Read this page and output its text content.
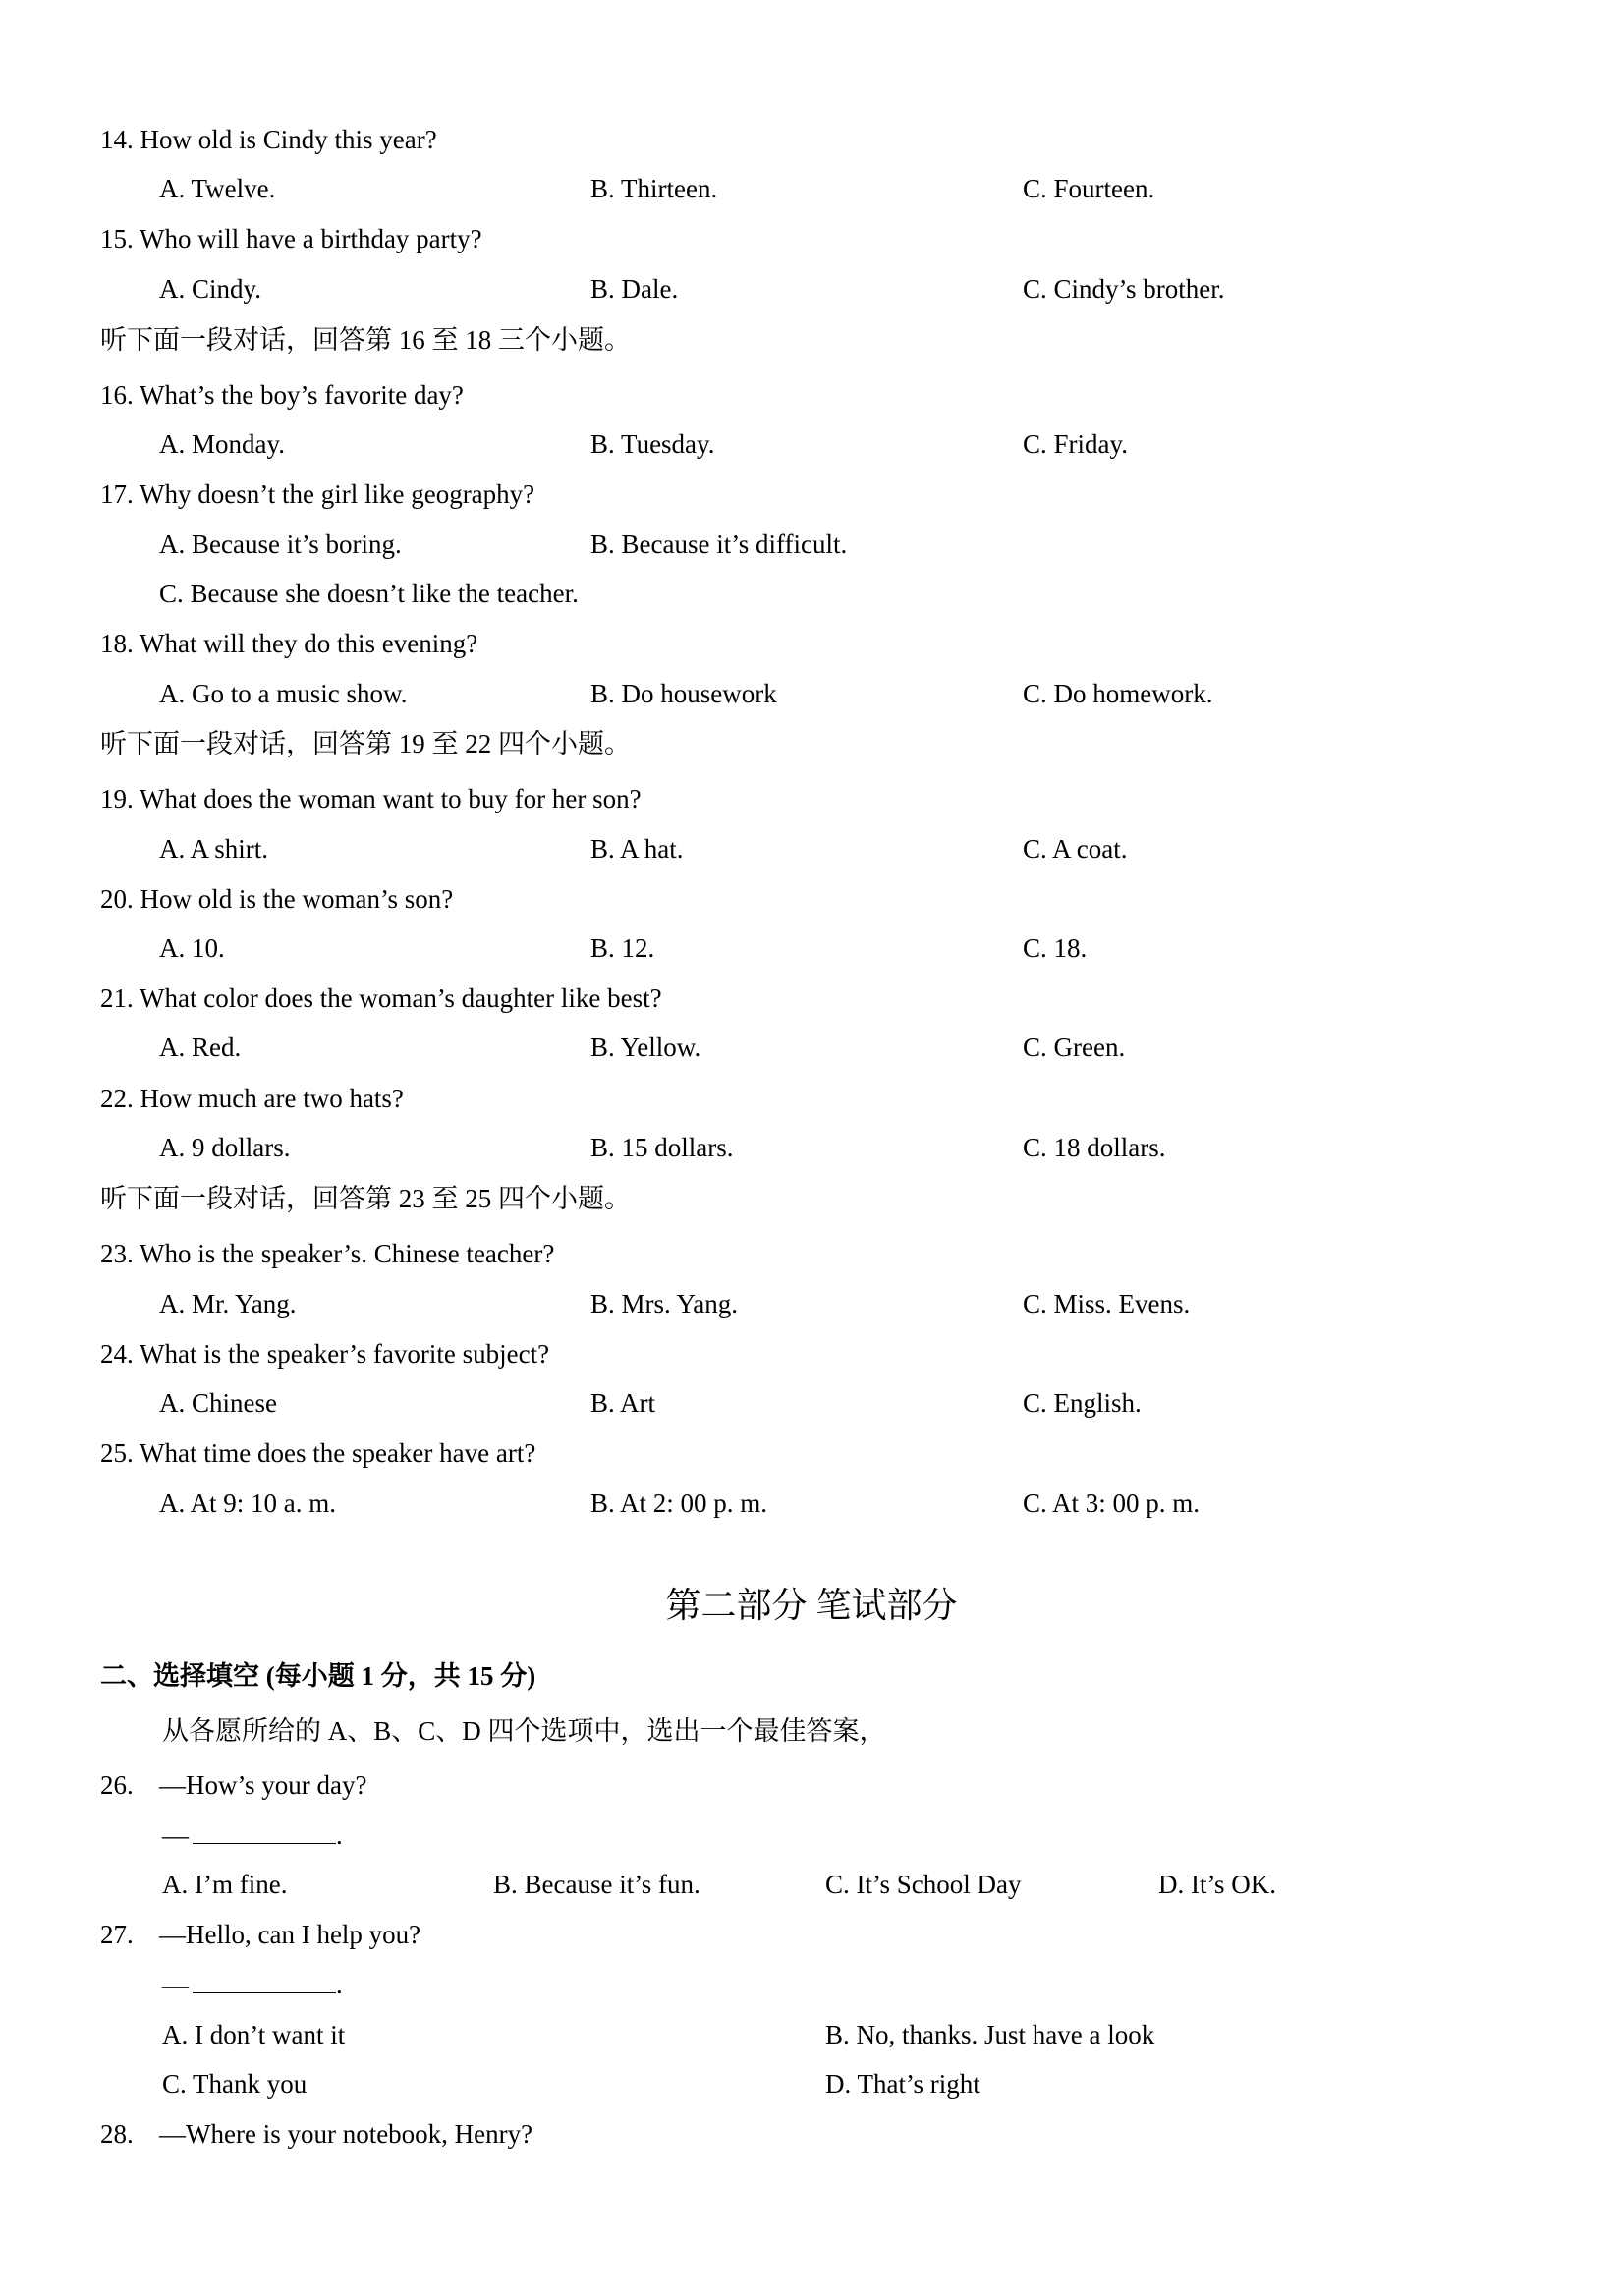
14. How old is Cindy this year?
A. Twelve.	B. Thirteen.	C. Fourteen.
15. Who will have a birthday party?
A. Cindy.	B. Dale.	C. Cindy’s brother.
听下面一段对话，回答第 16 至 18 三个小题。
16. What’s the boy’s favorite day?
A. Monday.	B. Tuesday.	C. Friday.
17. Why doesn’t the girl like geography?
A. Because it’s boring.	B. Because it’s difficult.
C. Because she doesn’t like the teacher.
18. What will they do this evening?
A. Go to a music show.	B. Do housework	C. Do homework.
听下面一段对话，回答第 19 至 22 四个小题。
19. What does the woman want to buy for her son?
A. A shirt.	B. A hat.	C. A coat.
20. How old is the woman’s son?
A. 10.	B. 12.	C. 18.
21. What color does the woman’s daughter like best?
A. Red.	B. Yellow.	C. Green.
22. How much are two hats?
A. 9 dollars.	B. 15 dollars.	C. 18 dollars.
听下面一段对话，回答第 23 至 25 四个小题。
23. Who is the speaker’s. Chinese teacher?
A. Mr. Yang.	B. Mrs. Yang.	C. Miss. Evens.
24. What is the speaker’s favorite subject?
A. Chinese	B. Art	C. English.
25. What time does the speaker have art?
A. At 9: 10 a. m.	B. At 2: 00 p. m.	C. At 3: 00 p. m.
第二部分 笔试部分
二、选择填空 (每小题 1 分，共 15 分)
从各愿所给的 A、B、C、D 四个选项中，选出一个最佳答案，
26. —How’s your day?
—	.
A. I’m fine.	B. Because it’s fun.	C. It’s School Day	D. It’s OK.
27. —Hello, can I help you?
—	.
A. I don’t want it	B. No, thanks. Just have a look
C. Thank you	D. That’s right
28. —Where is your notebook, Henry?
